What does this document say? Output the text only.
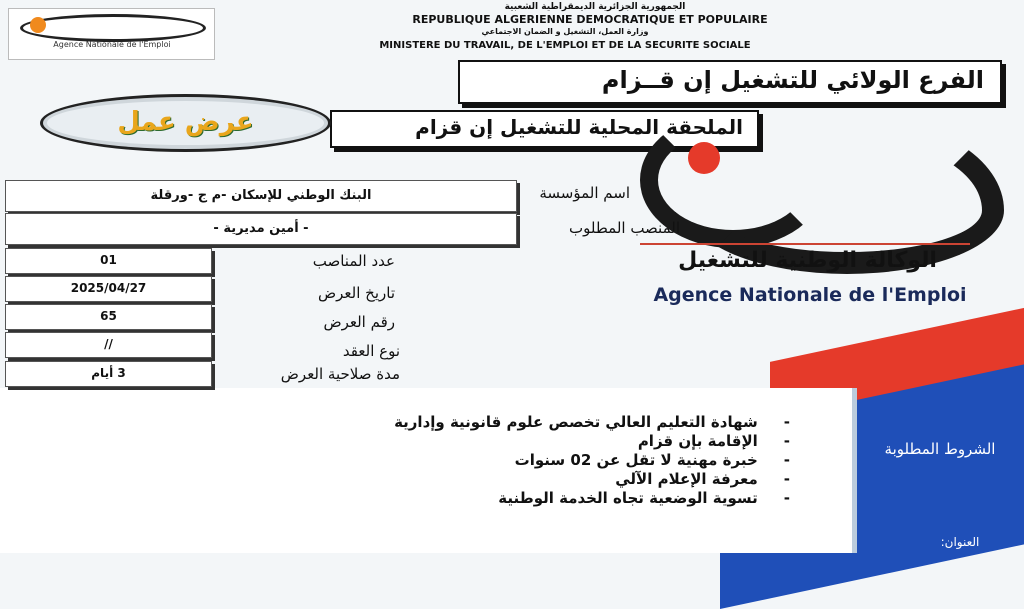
Agence Nationale de l'Emploi
الجمهورية الجزائرية الديمقراطية الشعبية
REPUBLIQUE ALGERIENNE DEMOCRATIQUE ET POPULAIRE
وزارة العمل، التشغيل و الضمان الاجتماعي
MINISTERE DU TRAVAIL, DE L'EMPLOI ET DE LA SECURITE SOCIALE
الفرع الولائي للتشغيل إن قــزام
الملحقة المحلية للتشغيل إن قزام
عرض عمل
الوكالة الوطنية للتشغيل
Agence Nationale de l'Emploi
البنك الوطني للإسكان -م ج -ورقلة	اسم المؤسسة
- أمين مديرية -	المنصب المطلوب
01	عدد المناصب
2025/04/27	تاريخ العرض
65	رقم العرض
//	نوع العقد
3 أيام	مدة صلاحية العرض
- شهادة التعليم العالي تخصص علوم قانونية وإدارية
- الإقامة بإن قزام
- خبرة مهنية لا تقل عن 02 سنوات
- معرفة الإعلام الآلي
- تسوية الوضعية تجاه الخدمة الوطنية
الشروط المطلوبة
العنوان:
